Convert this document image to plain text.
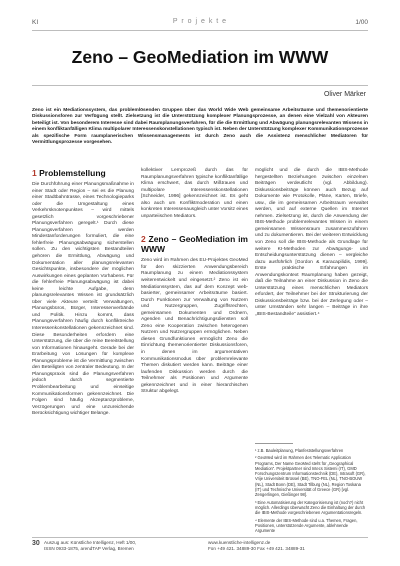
KI	P r o j e k t e	1/00
Zeno – GeoMediation im WWW
Oliver Märker
Zeno ist ein Mediationssystem, das problemlösenden Gruppen über das World Wide Web gemeinsame Arbeitsräume und themenorientierte Diskussionsforen zur Verfügung stellt. Zielsetzung ist die Unterstützung komplexer Planungsprozesse, an denen eine Vielzahl von Akteuren beteiligt ist. Von besonderem Interesse sind dabei Raumplanungsverfahren, für die die Ermittlung und Abwägung planungsrelevanten Wissens in einem konfliktanfälligen Klima multipolarer Interessenskonstellationen typisch ist. Neben der Unterstützung komplexer Kommunikationsprozesse als spezifische Form raumplanerischen Wissensmanagements ist durch Zeno auch die Assistenz menschlicher Mediatoren für Vermittlungsprozesse vorgesehen.
1 Problemstellung

Die Durchführung einer Planungsmaßnahme in einer Stadt oder Region – sei es die Planung einer Stadtbahntrasse, eines Technologieparks oder die Umgestaltung eines Verkehrsknotenpunktes – wird mittels gesetzlich vorgeschriebener Planungsverfahren geregelt.¹ Durch diese Planungsverfahren werden Mindestanforderungen formuliert, die eine fehlerfreie Planungsabwägung sicherstellen sollen. Zu den wichtigsten Bestandteilen gehören die Ermittlung, Abwägung und Dokumentation aller planungsrelevanten Gesichtspunkte, insbesondere der möglichen Auswirkungen eines geplanten Vorhabens. Für die fehlerfreie Planungsabwägung ist dabei keine leichte Aufgabe, denn planungsrelevantes Wissen ist grundsätzlich über viele Akteure verteilt: Verwaltungen, Planungsbüros, Bürger, Interessenverbände und Politik. Hinzu kommt, dass Planungsverfahren häufig durch konfliktreiche Interessenkonstellationen gekennzeichnet sind. Diese Besonderheiten erfordern eine Unterstützung, die über die reine Bereitstellung von Informationen hinausgeht. Gerade bei der Erarbeitung von Lösungen für komplexe Planungsprobleme ist die Vermittlung zwischen den Beteiligten von zentraler Bedeutung. In der Planungspraxis sind die Planungsverfahren jedoch durch segmentierte Problembearbeitung und einseitige Kommunikationsformen gekennzeichnet. Die Folgen sind häufig Akzeptanzprobleme, Verzögerungen und eine unzureichende Berücksichtigung wichtiger Belange.

kollektiver Lernprozeß durch das für Raumplanungsverfahren typische konfliktanfällige Klima erschwert, das durch Mißtrauen und multipolare Interessenskonstellationen [Schneider, 1996] gekennzeichnet ist. Es geht also auch um Konfliktmoderation und einen konkreten Interessenausgleich unter Vorsitz eines unparteiischen Mediators.

2 Zeno – GeoMediation im WWW

Zeno wird im Rahmen des EU-Projektes GeoMed für den skizzierten Anwendungsbereich Raumplanung zu einem Mediationssystem weiterentwickelt und eingesetzt.² Zeno ist ein Mediationssystem, das auf dem Konzept web-basierter, gemeinsamer Arbeitsräume basiert. Durch Funktionen zur Verwaltung von Nutzern und Nutzergruppen, Zugriffsrechten, gemeinsamen Dokumenten und Ordnern, Agenden und Benachrichtigungsdiensten soll Zeno eine Kooperation zwischen heterogenen Nutzern und Nutzergruppen ermöglichen. Neben diesen Grundfunktionen ermöglicht Zeno die Einrichtung themenorientierter Diskussionsforen, in denen im argumentativen Kommunikationsmodus über problemrelevante Themen diskutiert werden kann. Beiträge einer laufenden Diskussion werden durch die Teilnehmer als Positionen und Argumente gekennzeichnet und in einer hierarchischen Struktur abgelegt.

möglicht und die durch die IBIS-Methode hergestellten Beziehungen zwischen einzelnen Beiträgen verdeutlicht (vgl. Abbildung). Diskussionsbeiträge können auch Bezug auf Dokumente wie Protokolle, Pläne, Karten, Briefe, usw., die im gemeinsamen Arbeitsraum verwaltet werden, und auf externe Quellen im Internet nehmen. Zielsetzung ist, durch die Anwendung der IBIS-Methode problemrelevantes Wissen in einem gemeinsamen Wissensraum zusammenzuführen und zu dokumentieren. Bei der weiteren Entwicklung von Zeno soll die IBIS-Methode als Grundlage für weitere KI-Methoden zur Abwägungs- und Entscheidungsunterstützung dienen – vergleiche dazu ausführlich [Gordon & Karacapilidis, 1999]. Erste praktische Erfahrungen im Anwendungskontext Raumplanung haben gezeigt, daß die Teilnahme an einer Diskussion in Zeno die Unterstützung eines menschlichen Mediators erfordert, der Teilnehmer bei der Strukturierung der Diskussionsbeiträge bzw. bei der Zerlegung oder – unter Umständen sehr langen – Beiträge in ihre „IBIS-Bestandteile“ assistiert.⁴

¹ z.B. Bauleitplanung, Planfeststellungsverfahren
² GeoMed wird im Rahmen des Telematic Application Programs, Der Name GeoMed steht für „Geographical Mediation“. Projektpartner sind Intecs Sistemi (IT), GMD Forschungszentrum Informationstechnik (DE), Intrasoft (GR), Vrije Universiteit Brüssel (BE), TNO-FEL (NL), TNO-BOUW (NL), Stadt Bonn (DE), Stadt Tilburg (NL), Region Toskana (IT) und Technische Universität of Greece (GR) [vgl. Zengerlingen, Gießinger 98].
³ Eine Automatisierung der Kategorisierung ist (noch?) nicht möglich. Allerdings überwacht Zeno die Einhaltung der durch die IBIS-Methode vorgeschriebenen Argumentationsregeln.
⁴ Elemente der IBIS-Methode sind u.a. Themen, Fragen, Positionen, unterstützende Argumente, ablehnende Argumente
30 Auszug aus: Künstliche Intelligenz, Heft 1/00,
ISSN 0933-1875, arendTAP Verlag, Bremen
www.kuenstliche-intelligenz.de
Fon +49 421. 34889-30 Fax +49 421. 34889-31
